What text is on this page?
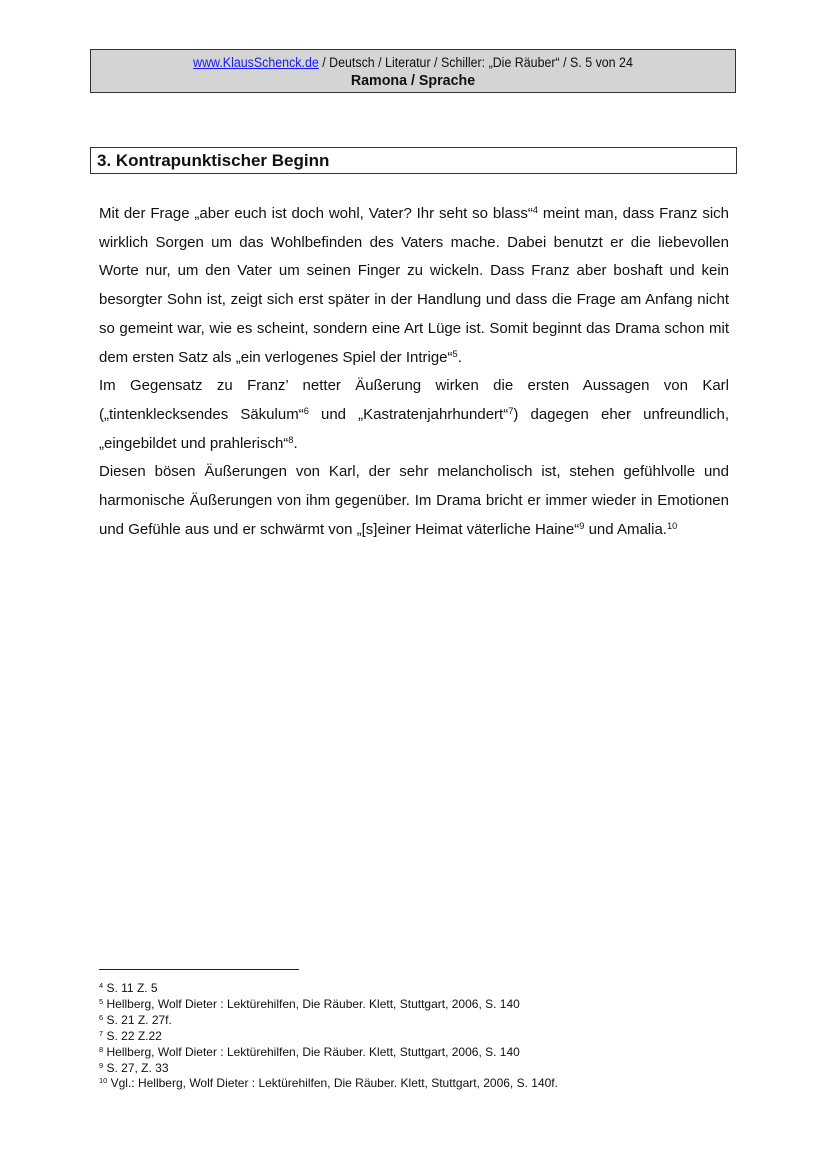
www.KlausSchenck.de / Deutsch / Literatur / Schiller: „Die Räuber“ / S. 5 von 24
Ramona / Sprache
3. Kontrapunktischer Beginn

Mit der Frage „aber euch ist doch wohl, Vater? Ihr seht so blass“$^4$ meint man, dass Franz sich wirklich Sorgen um das Wohlbefinden des Vaters mache. Dabei benutzt er die liebevollen Worte nur, um den Vater um seinen Finger zu wickeln. Dass Franz aber boshaft und kein besorgter Sohn ist, zeigt sich erst später in der Handlung und dass die Frage am Anfang nicht so gemeint war, wie es scheint, sondern eine Art Lüge ist. Somit beginnt das Drama schon mit dem ersten Satz als „ein verlogenes Spiel der Intrige“$^5$.

Im Gegensatz zu Franz’ netter Äußerung wirken die ersten Aussagen von Karl („tintenklecksendes Säkulum“$^6$ und „Kastratenjahrhundert“$^7$) dagegen eher unfreundlich, „eingebildet und prahlerisch“$^8$.

Diesen bösen Äußerungen von Karl, der sehr melancholisch ist, stehen gefühlvolle und harmonische Äußerungen von ihm gegenüber. Im Drama bricht er immer wieder in Emotionen und Gefühle aus und er schwärmt von „[s]einer Heimat väterliche Haine“$^9$ und Amalia.$^{10}$

$^4$ S. 11 Z. 5
$^5$ Hellberg, Wolf Dieter : Lektürehilfen, Die Räuber. Klett, Stuttgart, 2006, S. 140
$^6$ S. 21 Z. 27f.
$^7$ S. 22 Z.22
$^8$ Hellberg, Wolf Dieter : Lektürehilfen, Die Räuber. Klett, Stuttgart, 2006, S. 140
$^9$ S. 27, Z. 33
$^{10}$ Vgl.: Hellberg, Wolf Dieter : Lektürehilfen, Die Räuber. Klett, Stuttgart, 2006, S. 140f.
